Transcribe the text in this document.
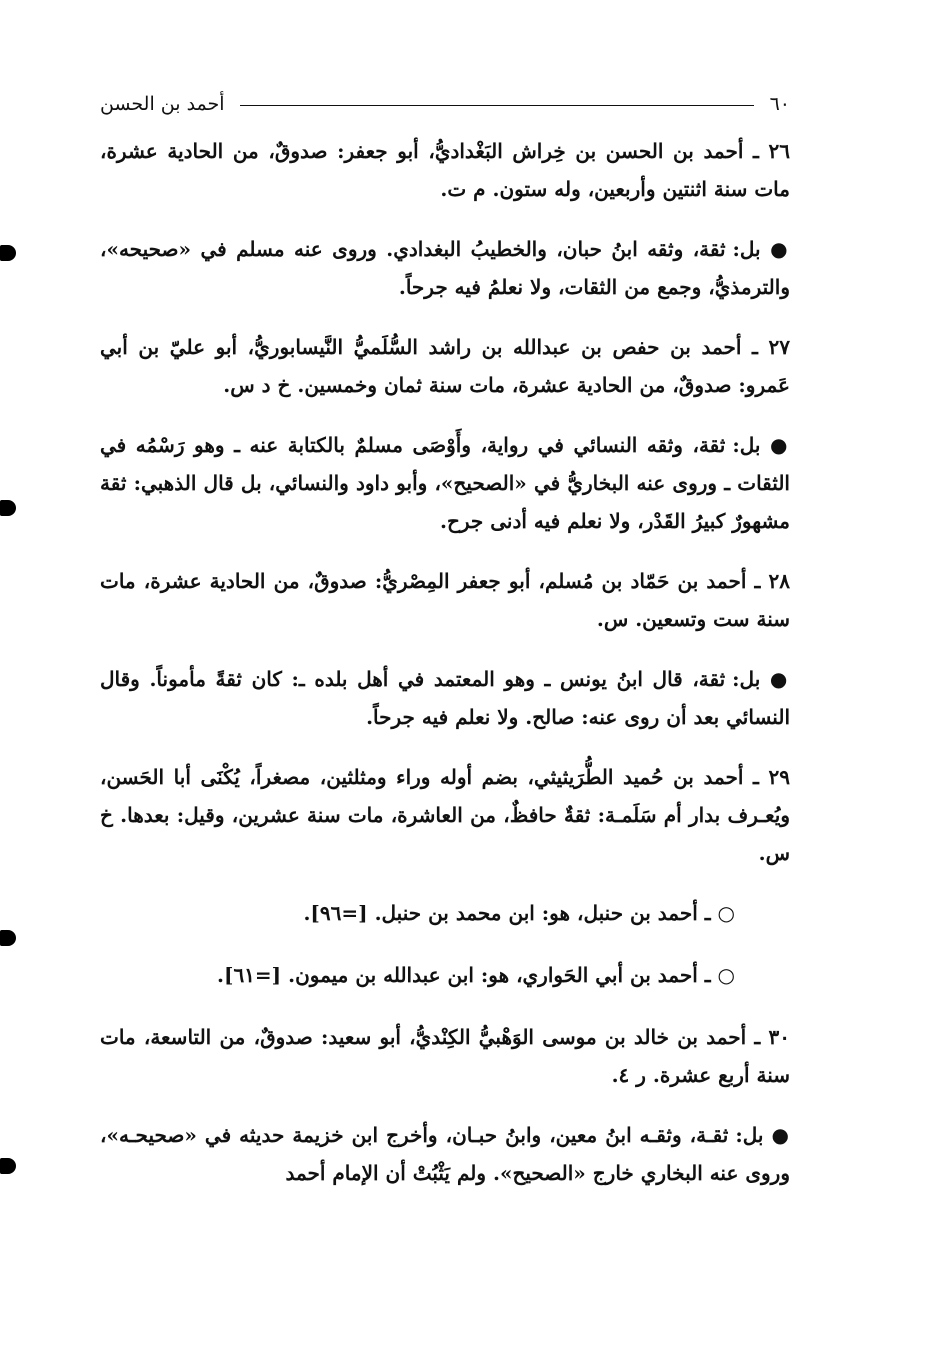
٦٠
أحمد بن الحسن

٢٦ ـ أحمد بن الحسن بن خِراش البَغْداديُّ، أبو جعفر: صدوقٌ، من الحادية عشرة، مات سنة اثنتين وأربعين، وله ستون. م ت.

● بل: ثقة، وثقه ابنُ حبان، والخطيبُ البغدادي. وروى عنه مسلم في «صحيحه»، والترمذيُّ، وجمع من الثقات، ولا نعلمُ فيه جرحاً.

٢٧ ـ أحمد بن حفص بن عبدالله بن راشد السُّلَميُّ النَّيسابوريُّ، أبو عليّ بن أبي عَمرو: صدوقٌ، من الحادية عشرة، مات سنة ثمان وخمسين. خ د س.

● بل: ثقة، وثقه النسائي في رواية، وأَوْصَى مسلمٌ بالكتابة عنه ـ وهو رَسْمُه في الثقات ـ وروى عنه البخاريُّ في «الصحيح»، وأبو داود والنسائي، بل قال الذهبي: ثقة مشهورٌ كبيرُ القَدْر، ولا نعلم فيه أدنى جرح.

٢٨ ـ أحمد بن حَمّاد بن مُسلم، أبو جعفر المِصْريُّ: صدوقٌ، من الحادية عشرة، مات سنة ست وتسعين. س.

● بل: ثقة، قال ابنُ يونس ـ وهو المعتمد في أهل بلده ـ: كان ثقةً مأموناً. وقال النسائي بعد أن روى عنه: صالح. ولا نعلم فيه جرحاً.

٢٩ ـ أحمد بن حُميد الطُّرَيثيثي، بضم أوله وراء ومثلثين، مصغراً، يُكْنَى أبا الحَسن، ويُعـرف بدار أم سَلَمـة: ثقةٌ حافظٌ، من العاشرة، مات سنة عشرين، وقيل: بعدها. خ س.

○ ـ أحمد بن حنبل، هو: ابن محمد بن حنبل. [=٩٦].

○ ـ أحمد بن أبي الحَواري، هو: ابن عبدالله بن ميمون. [=٦١].

٣٠ ـ أحمد بن خالد بن موسى الوَهْبيُّ الكِنْديُّ، أبو سعيد: صدوقٌ، من التاسعة، مات سنة أربع عشرة. ر ٤.

● بل: ثقـة، وثقـه ابنُ معين، وابنُ حبـان، وأخرج ابن خزيمة حديثه في «صحيحـه»، وروى عنه البخاري خارج «الصحيح». ولم يَثْبُتْ أن الإمام أحمد
